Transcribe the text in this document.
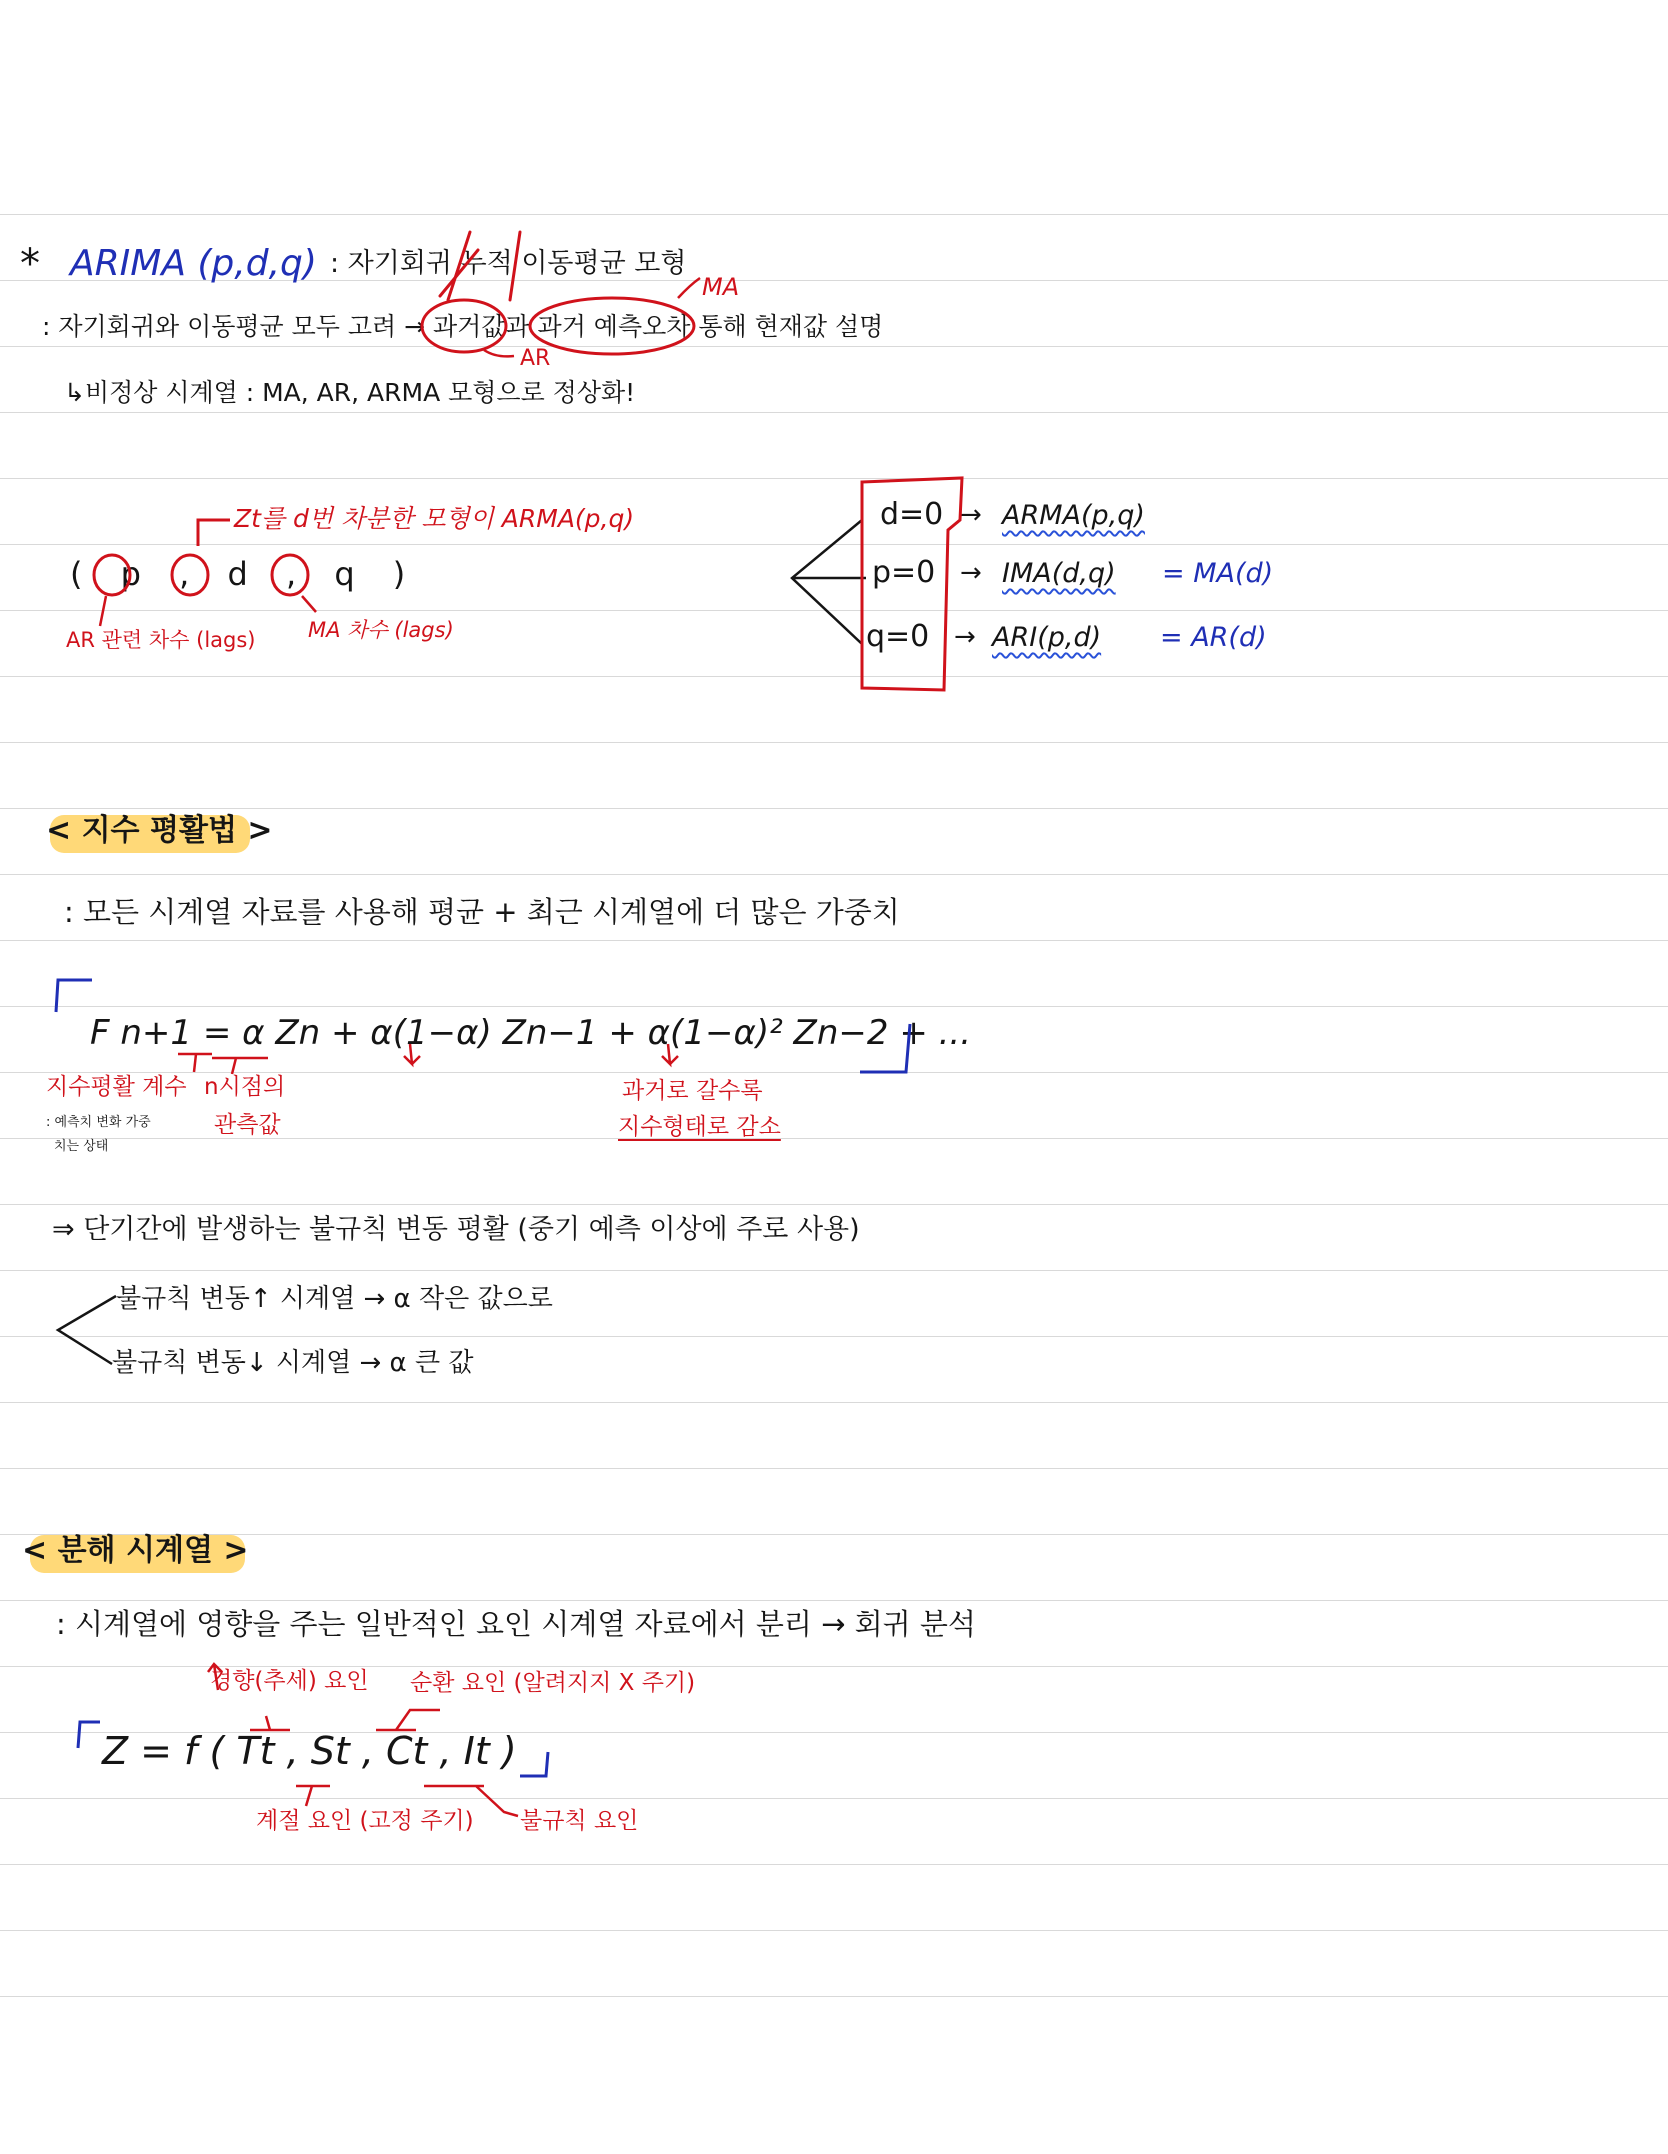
* ARIMA (p,d,q) : 자기회귀 누적 이동평균 모형
MA
: 자기회귀와 이동평균 모두 고려 → 과거값과 과거 예측오차 통해 현재값 설명
AR
↳비정상 시계열 : MA, AR, ARMA 모형으로 정상화!
Zt를 d번 차분한 모형이 ARMA(p,q)
( p , d , q )
AR 관련 차수 (lags)	MA 차수 (lags)
d=0 → ARMA(p,q)
p=0 → IMA(d,q) = MA(d)
q=0 → ARI(p,d) = AR(d)
< 지수 평활법 >
: 모든 시계열 자료를 사용해 평균 + 최근 시계열에 더 많은 가중치
F n+1 = α Zn + α(1−α) Zn−1 + α(1−α)² Zn−2 + ...
지수평활 계수
: 예측치 변화 가중
치는 상태
n시점의
관측값
과거로 갈수록
지수형태로 감소
⇒ 단기간에 발생하는 불규칙 변동 평활 (중기 예측 이상에 주로 사용)
불규칙 변동↑ 시계열 → α 작은 값으로
불규칙 변동↓ 시계열 → α 큰 값
< 분해 시계열 >
: 시계열에 영향을 주는 일반적인 요인 시계열 자료에서 분리 → 회귀 분석
경향(추세) 요인 순환 요인 (알려지지 X 주기)
Z = f ( Tt , St , Ct , It )
계절 요인 (고정 주기) 불규칙 요인
